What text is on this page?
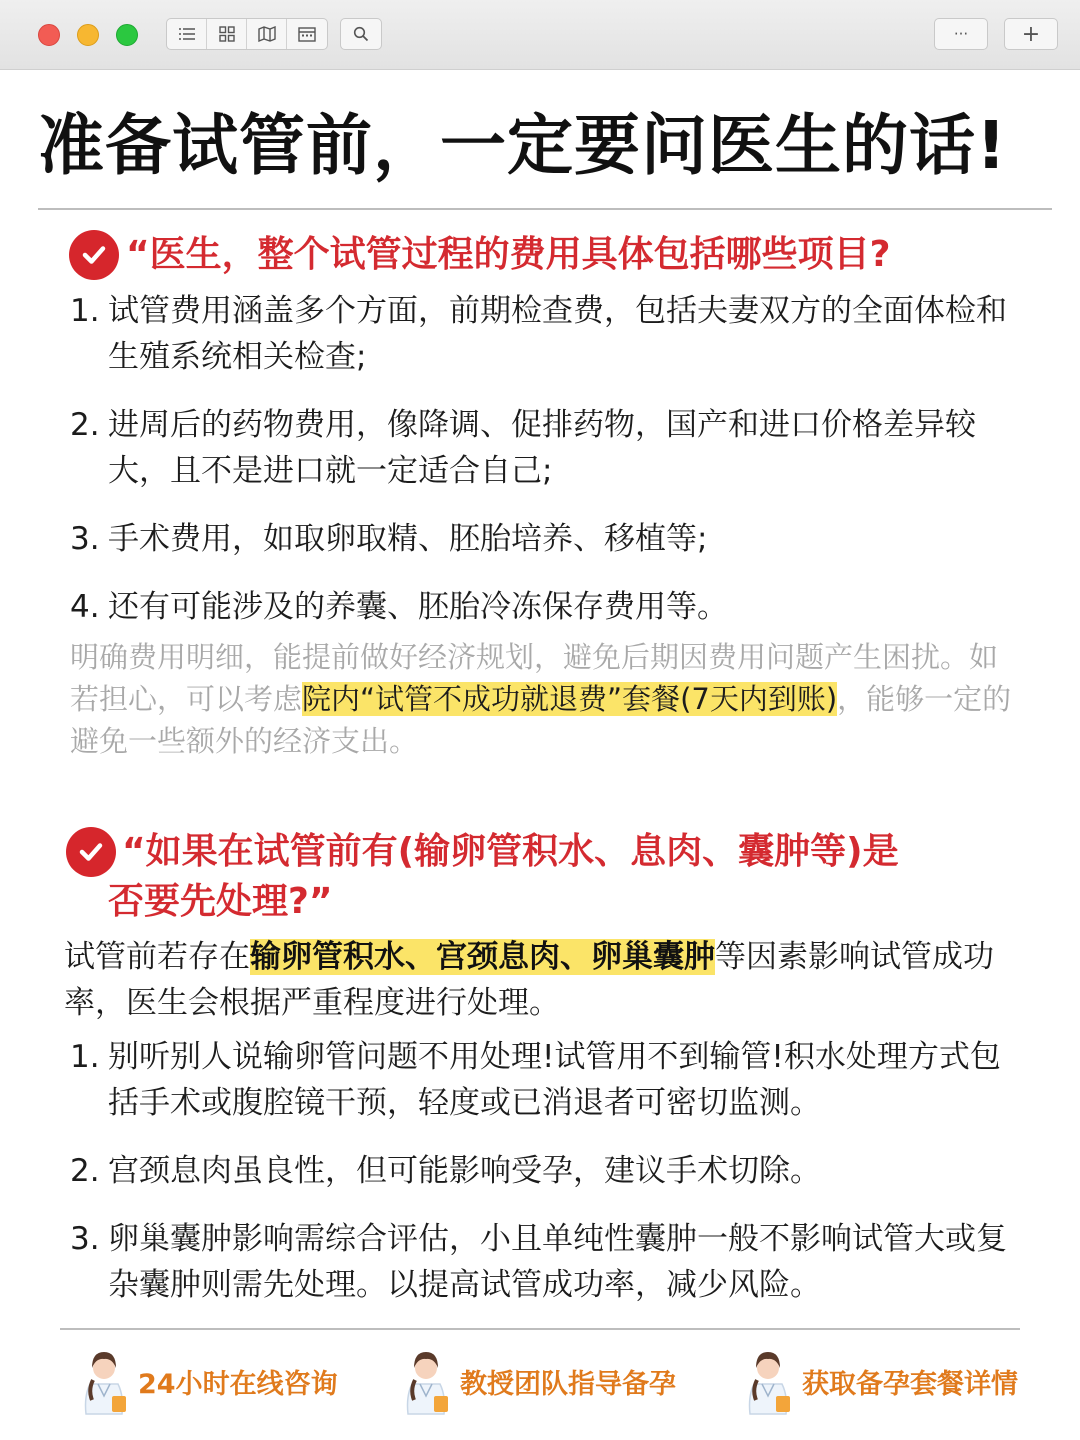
···	+
准备试管前，一定要问医生的话!
“医生，整个试管过程的费用具体包括哪些项目?
1. 试管费用涵盖多个方面，前期检查费，包括夫妻双方的全面体检和生殖系统相关检查;
2. 进周后的药物费用，像降调、促排药物，国产和进口价格差异较大，且不是进口就一定适合自己;
3. 手术费用，如取卵取精、胚胎培养、移植等;
4. 还有可能涉及的养囊、胚胎冷冻保存费用等。
明确费用明细，能提前做好经济规划，避免后期因费用问题产生困扰。如若担心，可以考虑院内“试管不成功就退费”套餐(7天内到账)，能够一定的避免一些额外的经济支出。
“如果在试管前有(输卵管积水、息肉、囊肿等)是
否要先处理?”
试管前若存在输卵管积水、宫颈息肉、卵巢囊肿等因素影响试管成功率，医生会根据严重程度进行处理。
1. 别听别人说输卵管问题不用处理!试管用不到输管!积水处理方式包括手术或腹腔镜干预，轻度或已消退者可密切监测。
2. 宫颈息肉虽良性，但可能影响受孕，建议手术切除。
3. 卵巢囊肿影响需综合评估，小且单纯性囊肿一般不影响试管大或复杂囊肿则需先处理。以提高试管成功率，减少风险。
24小时在线咨询	教授团队指导备孕	获取备孕套餐详情
